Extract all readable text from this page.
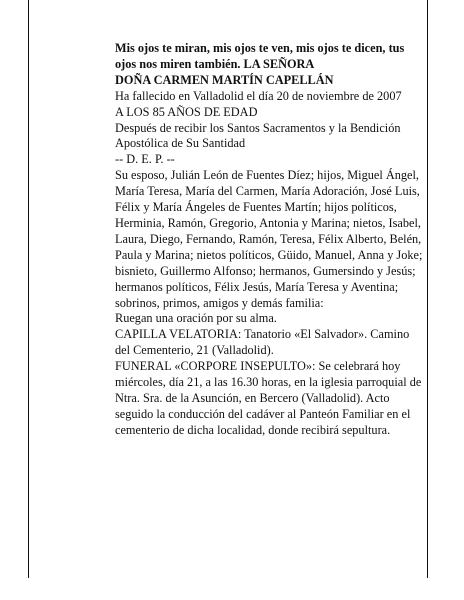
Mis ojos te miran, mis ojos te ven, mis ojos te dicen, tus ojos nos miren también. LA SEÑORA

DOÑA CARMEN MARTÍN CAPELLÁN

Ha fallecido en Valladolid el día 20 de noviembre de 2007

A LOS 85 AÑOS DE EDAD

Después de recibir los Santos Sacramentos y la Bendición Apostólica de Su Santidad

-- D. E. P. --

Su esposo, Julián León de Fuentes Díez; hijos, Miguel Ángel, María Teresa, María del Carmen, María Adoración, José Luis, Félix y María Ángeles de Fuentes Martín; hijos políticos, Herminia, Ramón, Gregorio, Antonia y Marina; nietos, Isabel, Laura, Diego, Fernando, Ramón, Teresa, Félix Alberto, Belén, Paula y Marina; nietos políticos, Güido, Manuel, Anna y Joke; bisnieto, Guillermo Alfonso; hermanos, Gumersindo y Jesús; hermanos políticos, Félix Jesús, María Teresa y Aventina; sobrinos, primos, amigos y demás familia:

Ruegan una oración por su alma.

CAPILLA VELATORIA: Tanatorio «El Salvador». Camino del Cementerio, 21 (Valladolid).

FUNERAL «CORPORE INSEPULTO»: Se celebrará hoy miércoles, día 21, a las 16.30 horas, en la iglesia parroquial de Ntra. Sra. de la Asunción, en Bercero (Valladolid). Acto seguido la conducción del cadáver al Panteón Familiar en el cementerio de dicha localidad, donde recibirá sepultura.
